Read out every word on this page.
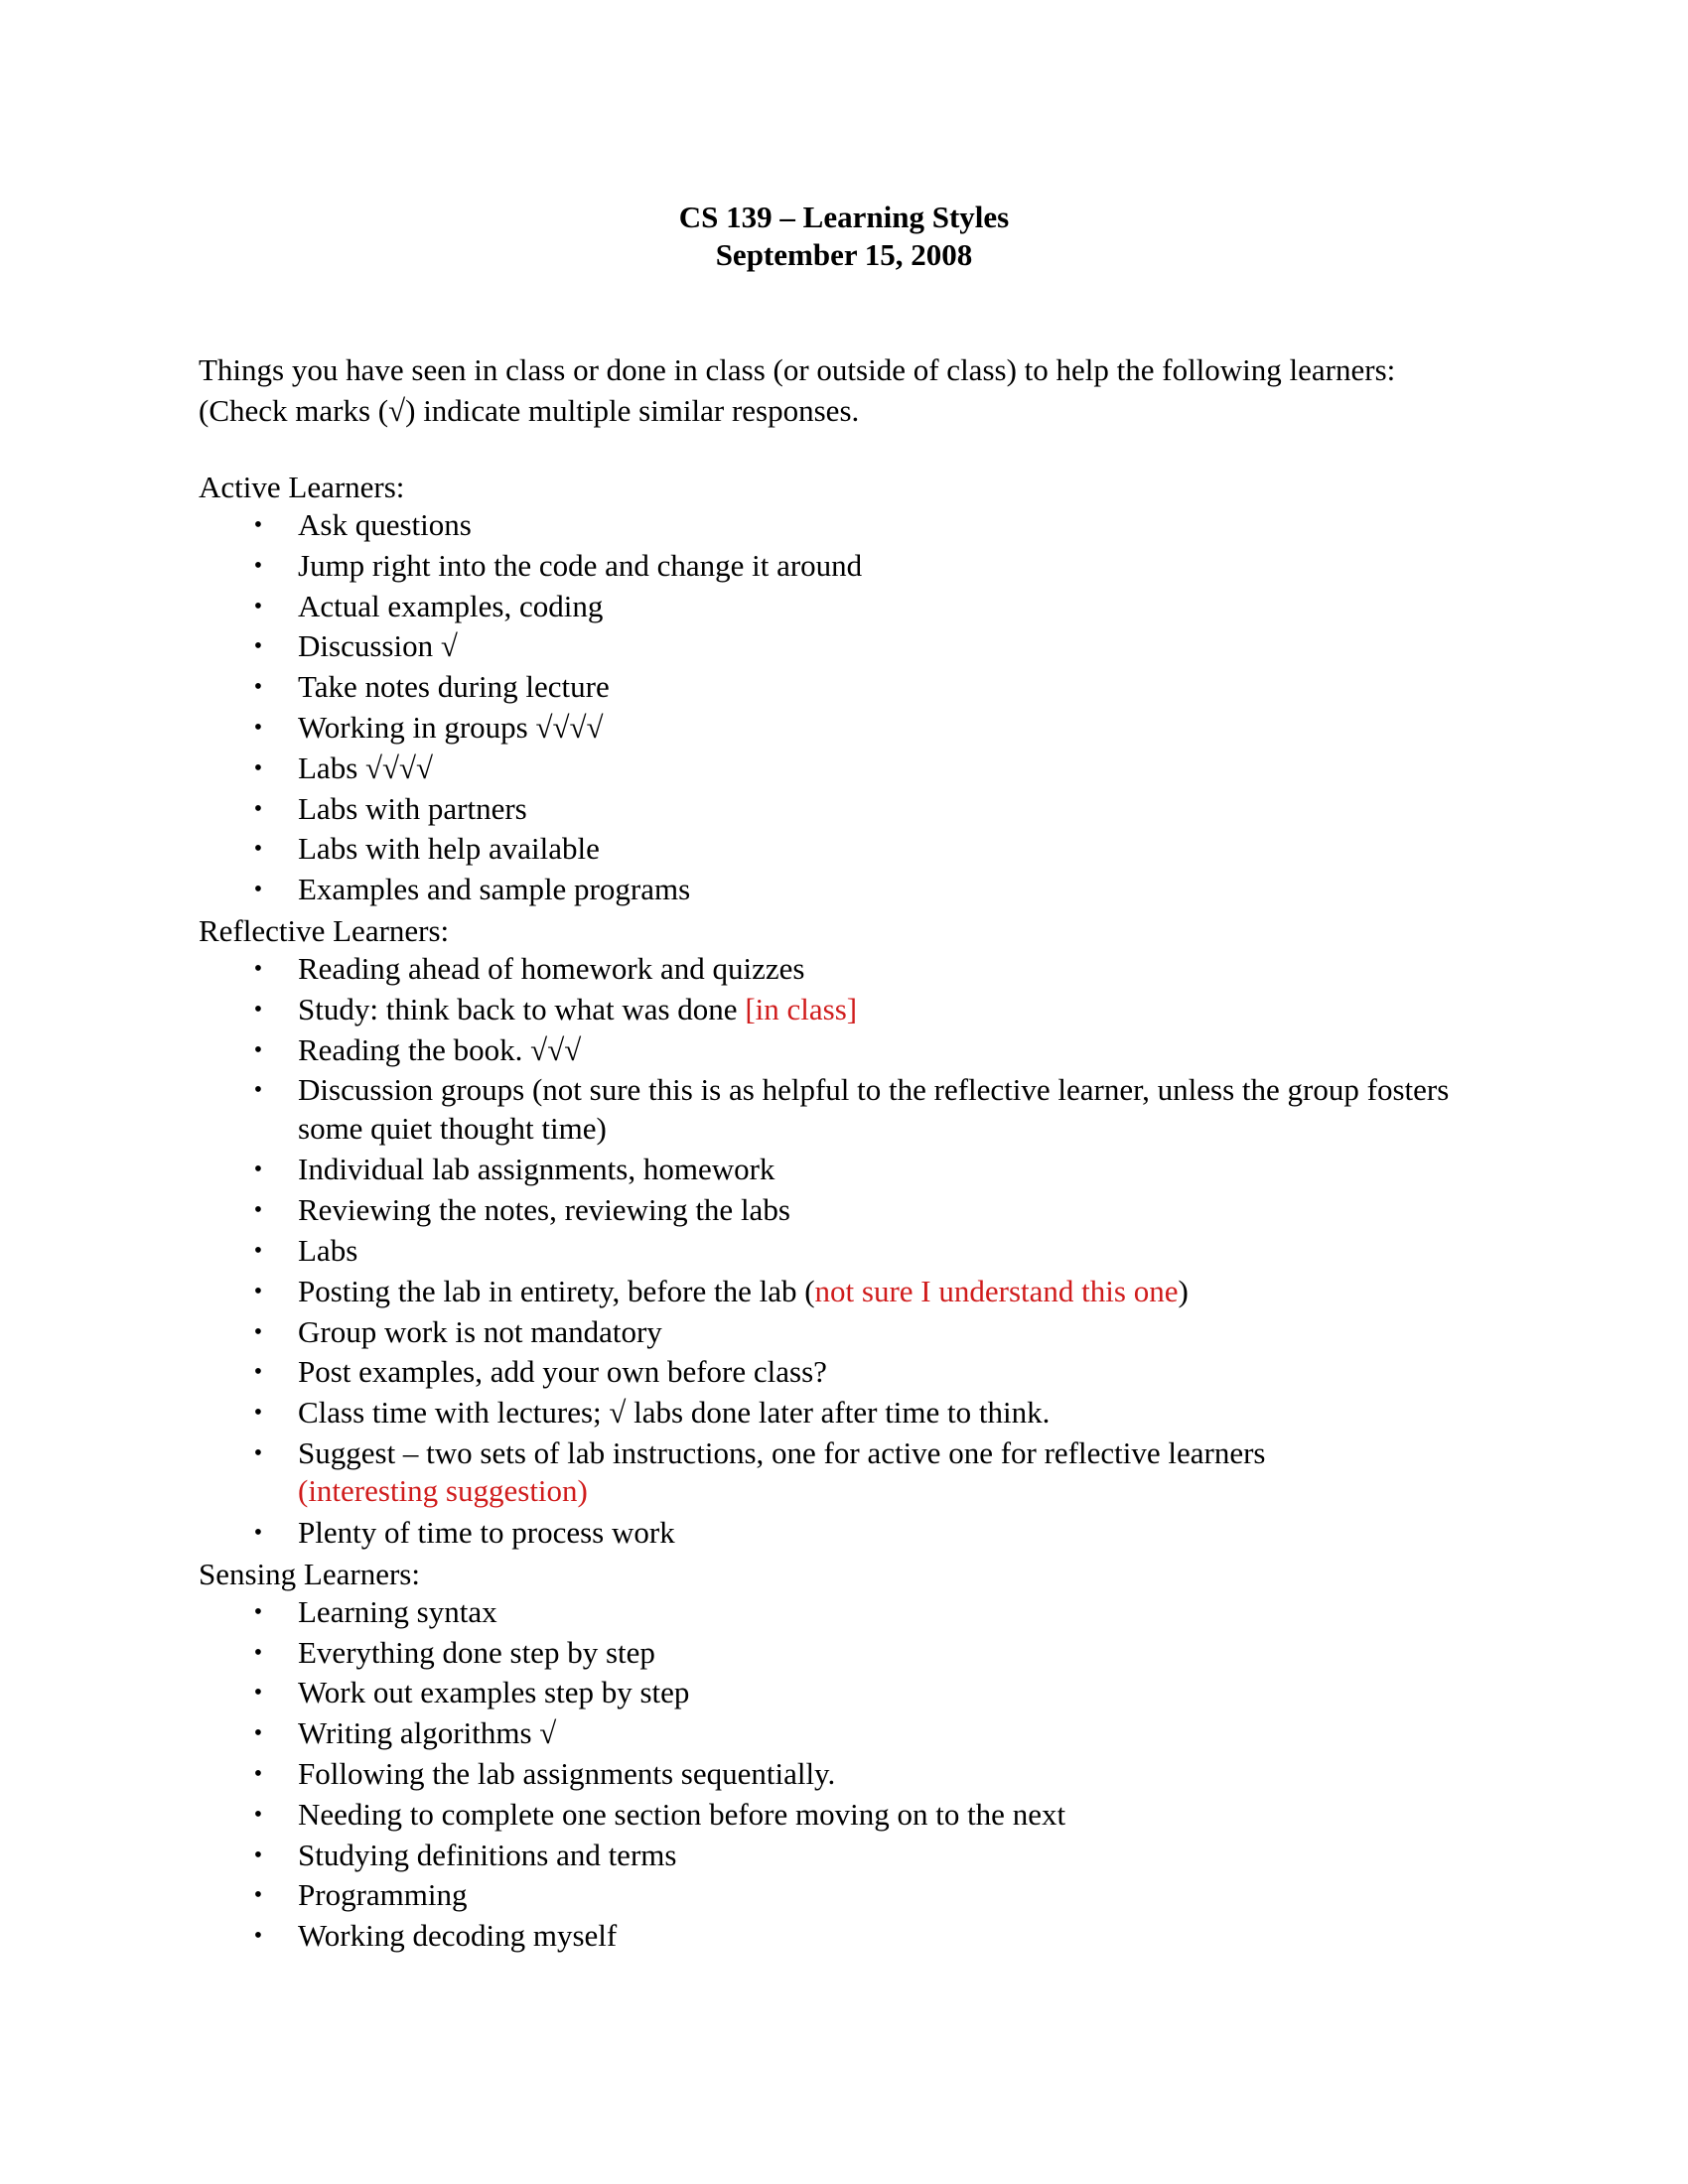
CS 139 – Learning Styles
September 15, 2008
Things you have seen in class or done in class (or outside of class) to help the following learners:
(Check marks (√) indicate multiple similar responses.
Active Learners:
• Ask questions
• Jump right into the code and change it around
• Actual examples, coding
• Discussion √
• Take notes during lecture
• Working in groups √√√√
• Labs √√√√
• Labs with partners
• Labs with help available
• Examples and sample programs
Reflective Learners:
• Reading ahead of homework and quizzes
• Study: think back to what was done [in class]
• Reading the book. √√√
• Discussion groups (not sure this is as helpful to the reflective learner, unless the group fosters some quiet thought time)
• Individual lab assignments, homework
• Reviewing the notes, reviewing the labs
• Labs
• Posting the lab in entirety, before the lab (not sure I understand this one)
• Group work is not mandatory
• Post examples, add your own before class?
• Class time with lectures; √ labs done later after time to think.
• Suggest – two sets of lab instructions, one for active one for reflective learners
(interesting suggestion)
• Plenty of time to process work
Sensing Learners:
• Learning syntax
• Everything done step by step
• Work out examples step by step
• Writing algorithms √
• Following the lab assignments sequentially.
• Needing to complete one section before moving on to the next
• Studying definitions and terms
• Programming
• Working decoding myself
